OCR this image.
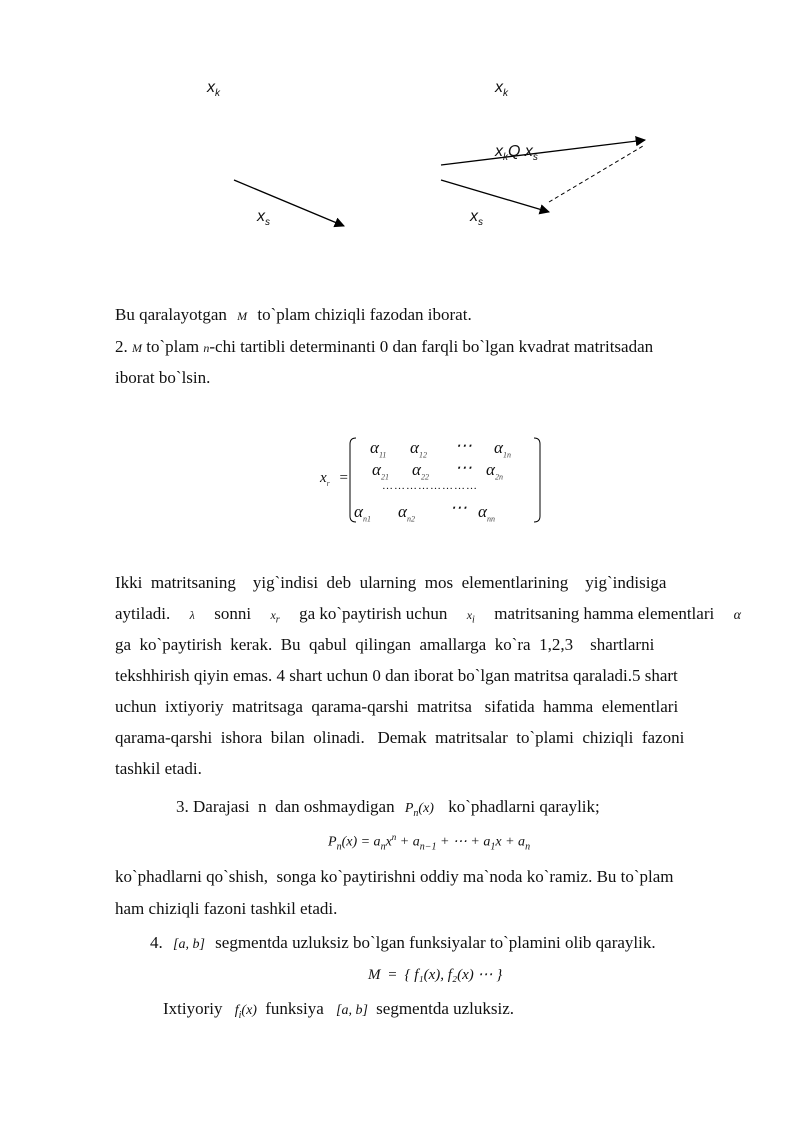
$x_k$
$x_s$
$x_k$
$x_kQ$ $x_s$
$x_s$
Bu qaralayotgan M to`plam chiziqli fazodan iborat.
2. M to`plam n-chi tartibli determinanti 0 dan farqli bo`lgan kvadrat matritsadan
iborat bo`lsin.
$x_r$ =
$\alpha_{11}$ $\alpha_{12}$ ⋯ $\alpha_{1n}$
$\alpha_{21}$ $\alpha_{22}$ ⋯ $\alpha_{2n}$
……………………
$\alpha_{n1}$ $\alpha_{n2}$
⋯ $\alpha_{nn}$
Ikki  matritsaning    yig`indisi  deb  ularning  mos  elementlarining    yig`indisiga
aytiladi. λ sonni $x_r$ ga ko`paytirish uchun $x_i$ matritsaning hamma elementlari α
ga  ko`paytirish  kerak.  Bu  qabul  qilingan  amallarga  ko`ra  1,2,3    shartlarni
tekshhirish qiyin emas. 4 shart uchun 0 dan iborat bo`lgan matritsa qaraladi.5 shart
uchun  ixtiyoriy  matritsaga  qarama-qarshi  matritsa   sifatida  hamma  elementlari
qarama-qarshi  ishora  bilan  olinadi.   Demak  matritsalar  to`plami  chiziqli  fazoni
tashkil etadi.
3. Darajasi  n  dan oshmaydigan $P_n(x)$ ko`phadlarni qaraylik;
$P_n(x) = a_nx^n + a_{n-1}$ + ⋯ + $a_1x + a_n$
ko`phadlarni qo`shish,  songa ko`paytirishni oddiy ma`noda ko`ramiz. Bu to`plam
ham chiziqli fazoni tashkil etadi.
4. [a, b] segmentda uzluksiz bo`lgan funksiyalar to`plamini olib qaraylik.
M = { f₁(x), f₂(x) ⋯ }
Ixtiyoriy $f_i(x)$ funksiya [a, b] segmentda uzluksiz.
